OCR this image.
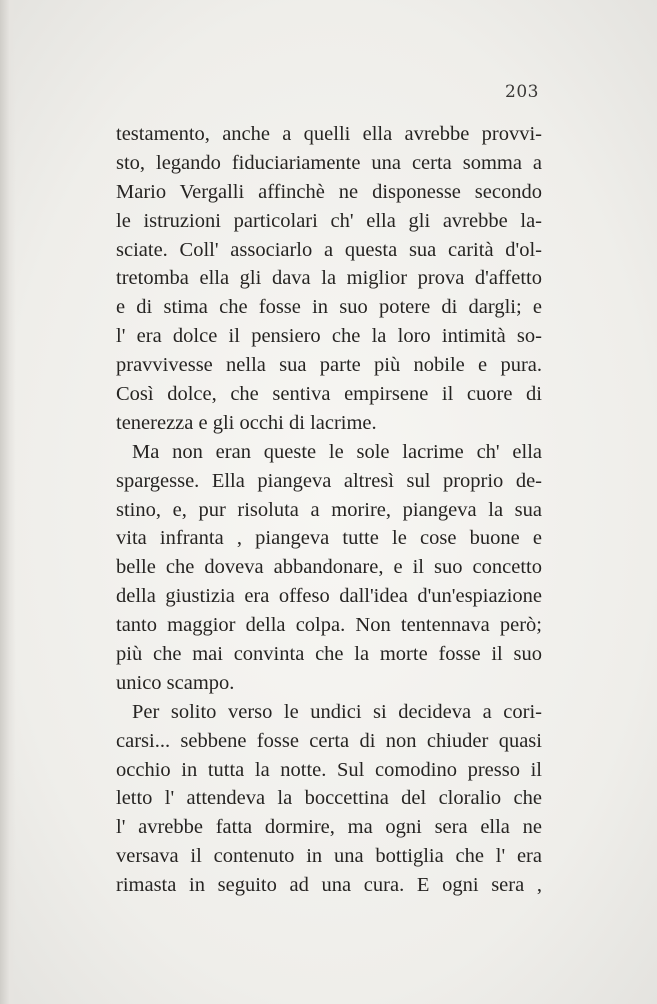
203
testamento, anche a quelli ella avrebbe provvi-
sto, legando fiduciariamente una certa somma a
Mario Vergalli affinchè ne disponesse secondo
le istruzioni particolari ch' ella gli avrebbe la-
sciate. Coll' associarlo a questa sua carità d'ol-
tretomba ella gli dava la miglior prova d'affetto
e di stima che fosse in suo potere di dargli; e
l' era dolce il pensiero che la loro intimità so-
pravvivesse nella sua parte più nobile e pura.
Così dolce, che sentiva empirsene il cuore di
tenerezza e gli occhi di lacrime.
Ma non eran queste le sole lacrime ch' ella
spargesse. Ella piangeva altresì sul proprio de-
stino, e, pur risoluta a morire, piangeva la sua
vita infranta , piangeva tutte le cose buone e
belle che doveva abbandonare, e il suo concetto
della giustizia era offeso dall'idea d'un'espiazione
tanto maggior della colpa. Non tentennava però;
più che mai convinta che la morte fosse il suo
unico scampo.
Per solito verso le undici si decideva a cori-
carsi... sebbene fosse certa di non chiuder quasi
occhio in tutta la notte. Sul comodino presso il
letto l' attendeva la boccettina del cloralio che
l' avrebbe fatta dormire, ma ogni sera ella ne
versava il contenuto in una bottiglia che l' era
rimasta in seguito ad una cura. E ogni sera ,
